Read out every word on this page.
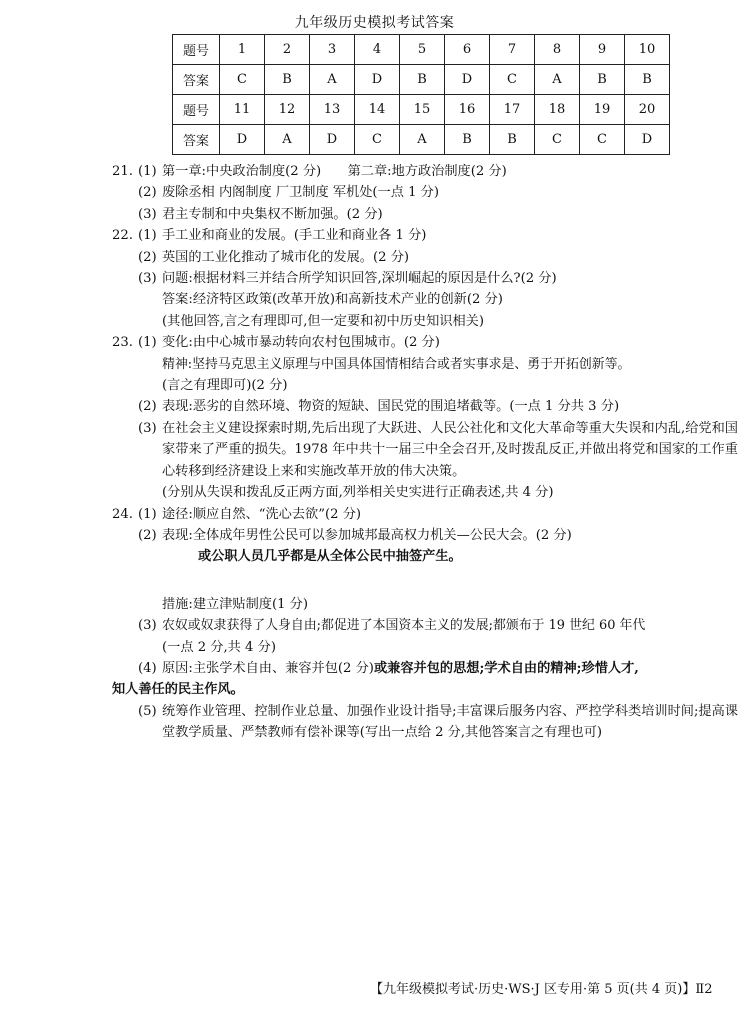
九年级历史模拟考试答案
题号	1	2	3	4	5	6	7	8	9	10
答案	C	B	A	D	B	D	C	A	B	B
题号	11	12	13	14	15	16	17	18	19	20
答案	D	A	D	C	A	B	B	C	C	D
21. (1) 第一章:中央政治制度(2 分)　　第二章:地方政治制度(2 分)
(2) 废除丞相 内阁制度 厂卫制度 军机处(一点 1 分)
(3) 君主专制和中央集权不断加强。(2 分)
22. (1) 手工业和商业的发展。(手工业和商业各 1 分)
(2) 英国的工业化推动了城市化的发展。(2 分)
(3) 问题:根据材料三并结合所学知识回答,深圳崛起的原因是什么?(2 分)
答案:经济特区政策(改革开放)和高新技术产业的创新(2 分)
(其他回答,言之有理即可,但一定要和初中历史知识相关)
23. (1) 变化:由中心城市暴动转向农村包围城市。(2 分)
精神:坚持马克思主义原理与中国具体国情相结合或者实事求是、勇于开拓创新等。
(言之有理即可)(2 分)
(2) 表现:恶劣的自然环境、物资的短缺、国民党的围追堵截等。(一点 1 分共 3 分)
(3) 在社会主义建设探索时期,先后出现了大跃进、人民公社化和文化大革命等重大失误和内乱,给党和国家带来了严重的损失。1978 年中共十一届三中全会召开,及时拨乱反正,并做出将党和国家的工作重心转移到经济建设上来和实施改革开放的伟大决策。
(分别从失误和拨乱反正两方面,列举相关史实进行正确表述,共 4 分)
24. (1) 途径:顺应自然、“洗心去欲”(2 分)
(2) 表现:全体成年男性公民可以参加城邦最高权力机关—公民大会。(2 分)
或公职人员几乎都是从全体公民中抽签产生。
措施:建立津贴制度(1 分)
(3) 农奴或奴隶获得了人身自由;都促进了本国资本主义的发展;都颁布于 19 世纪 60 年代
(一点 2 分,共 4 分)
(4) 原因:主张学术自由、兼容并包(2 分)或兼容并包的思想;学术自由的精神;珍惜人才,
知人善任的民主作风。
(5) 统筹作业管理、控制作业总量、加强作业设计指导;丰富课后服务内容、严控学科类培训时间;提高课堂教学质量、严禁教师有偿补课等(写出一点给 2 分,其他答案言之有理也可)
【九年级模拟考试·历史·WS·J 区专用·第 5 页(共 4 页)】Ⅱ2
